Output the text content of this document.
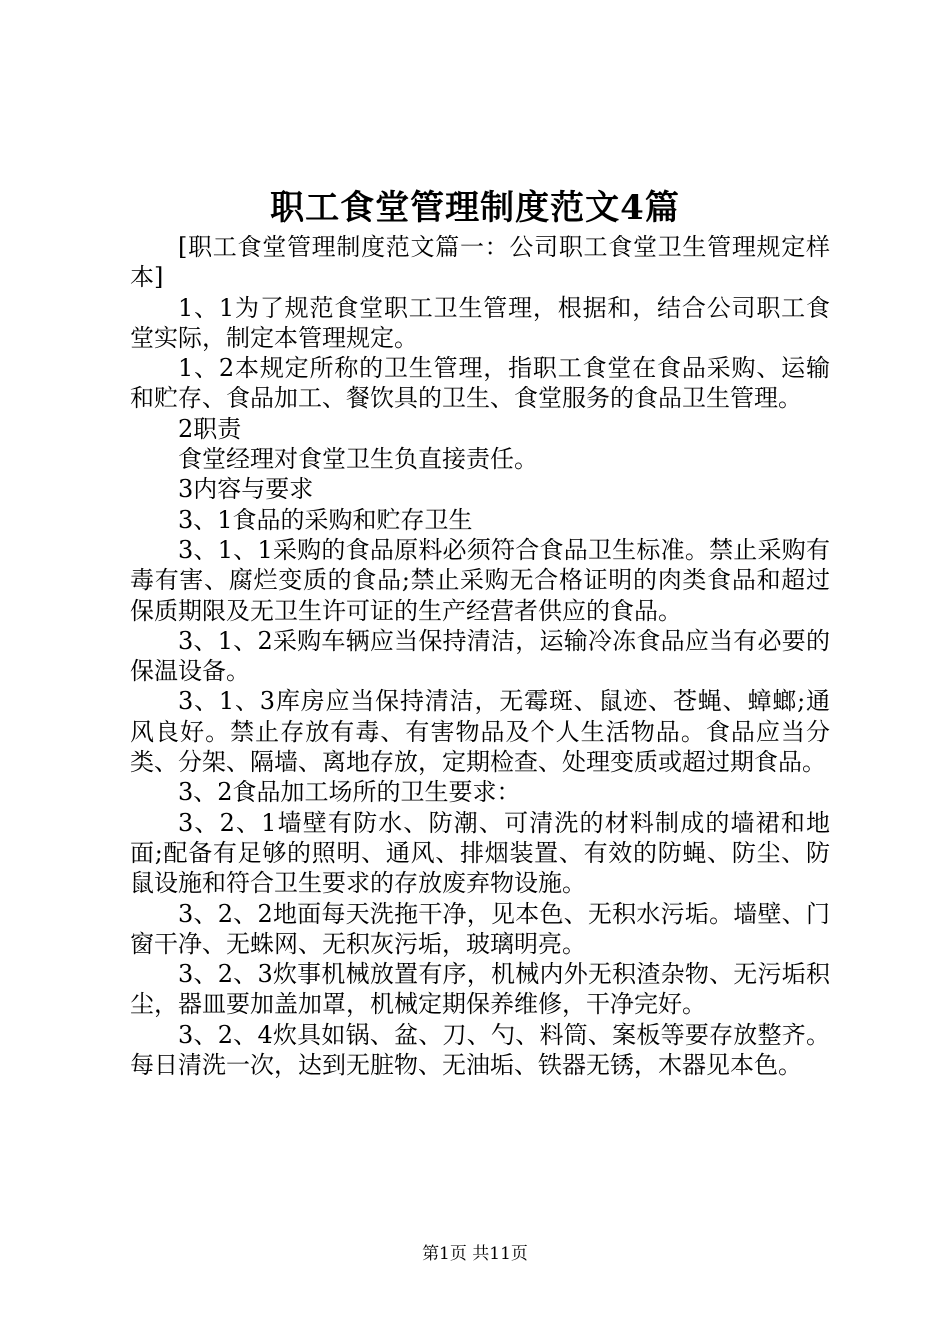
职工食堂管理制度范文4篇

[职工食堂管理制度范文篇一：公司职工食堂卫生管理规定样本]

1、1为了规范食堂职工卫生管理，根据和，结合公司职工食堂实际，制定本管理规定。

1、2本规定所称的卫生管理，指职工食堂在食品采购、运输和贮存、食品加工、餐饮具的卫生、食堂服务的食品卫生管理。

2职责

食堂经理对食堂卫生负直接责任。

3内容与要求

3、1食品的采购和贮存卫生

3、1、1采购的食品原料必须符合食品卫生标准。禁止采购有毒有害、腐烂变质的食品;禁止采购无合格证明的肉类食品和超过保质期限及无卫生许可证的生产经营者供应的食品。

3、1、2采购车辆应当保持清洁，运输冷冻食品应当有必要的保温设备。

3、1、3库房应当保持清洁，无霉斑、鼠迹、苍蝇、蟑螂;通风良好。禁止存放有毒、有害物品及个人生活物品。食品应当分类、分架、隔墙、离地存放，定期检查、处理变质或超过期食品。

3、2食品加工场所的卫生要求：

3、2、1墙壁有防水、防潮、可清洗的材料制成的墙裙和地面;配备有足够的照明、通风、排烟装置、有效的防蝇、防尘、防鼠设施和符合卫生要求的存放废弃物设施。

3、2、2地面每天洗拖干净，见本色、无积水污垢。墙壁、门窗干净、无蛛网、无积灰污垢，玻璃明亮。

3、2、3炊事机械放置有序，机械内外无积渣杂物、无污垢积尘，器皿要加盖加罩，机械定期保养维修，干净完好。

3、2、4炊具如锅、盆、刀、勺、料筒、案板等要存放整齐。每日清洗一次，达到无脏物、无油垢、铁器无锈，木器见本色。

第1页 共11页
